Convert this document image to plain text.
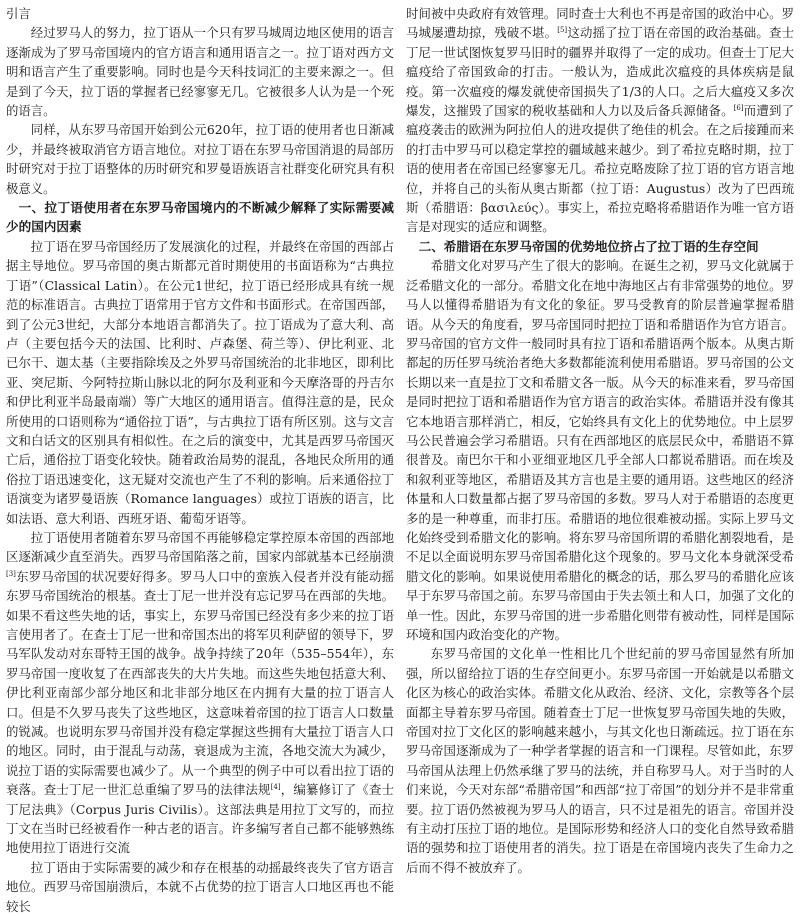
引言

经过罗马人的努力，拉丁语从一个只有罗马城周边地区使用的语言逐渐成为了罗马帝国境内的官方语言和通用语言之一。拉丁语对西方文明和语言产生了重要影响。同时也是今天科技词汇的主要来源之一。但是到了今天，拉丁语的掌握者已经寥寥无几。它被很多人认为是一个死的语言。

同样，从东罗马帝国开始到公元620年，拉丁语的使用者也日渐减少，并最终被取消官方语言地位。对拉丁语在东罗马帝国消退的局部历时研究对于拉丁语整体的历时研究和罗曼语族语言社群变化研究具有积极意义。

一、拉丁语使用者在东罗马帝国境内的不断减少解释了实际需要减少的国内因素

拉丁语在罗马帝国经历了发展演化的过程，并最终在帝国的西部占据主导地位。罗马帝国的奥古斯都元首时期使用的书面语称为“古典拉丁语”（Classical Latin）。在公元1世纪，拉丁语已经形成具有统一规范的标准语言。古典拉丁语常用于官方文件和书面形式。在帝国西部，到了公元3世纪，大部分本地语言都消失了。拉丁语成为了意大利、高卢（主要包括今天的法国、比利时、卢森堡、荷兰等）、伊比利亚、北已尔干、迦太基（主要指除埃及之外罗马帝国统治的北非地区，即利比亚、突尼斯、今阿特拉斯山脉以北的阿尔及利亚和今天摩洛哥的丹吉尔和伊比利亚半岛最南端）等广大地区的通用语言。值得注意的是，民众所使用的口语则称为“通俗拉丁语”，与古典拉丁语有所区别。这与文言文和白话文的区别具有相似性。在之后的演变中，尤其是西罗马帝国灭亡后，通俗拉丁语变化较快。随着政治局势的混乱，各地民众所用的通俗拉丁语迅速变化，这无疑对交流也产生了不利的影响。后来通俗拉丁语演变为诸罗曼语族（Romance languages）或拉丁语族的语言，比如法语、意大利语、西班牙语、葡萄牙语等。

拉丁语使用者随着东罗马帝国不再能够稳定掌控原本帝国的西部地区逐渐减少直至消失。西罗马帝国陷落之前，国家内部就基本已经崩溃[3]东罗马帝国的状况要好得多。罗马人口中的蛮族入侵者并没有能动摇东罗马帝国统治的根基。查士丁尼一世并没有忘记罗马在西部的失地。如果不看这些失地的话，事实上，东罗马帝国已经没有多少来的拉丁语言使用者了。在查士丁尼一世和帝国杰出的将军贝利萨留的领导下，罗马军队发动对东哥特王国的战争。战争持续了20年（535–554年），东罗马帝国一度收复了在西部丧失的大片失地。而这些失地包括意大利、伊比利亚南部少部分地区和北非部分地区在内拥有大量的拉丁语言人口。但是不久罗马丧失了这些地区，这意味着帝国的拉丁语言人口数量的锐减。也说明东罗马帝国并没有稳定掌握这些拥有大量拉丁语言人口的地区。同时，由于混乱与动荡，衰退成为主流，各地交流大为减少，说拉丁语的实际需要也减少了。从一个典型的例子中可以看出拉丁语的衰落。查士丁尼一世汇总重编了罗马的法律法规[4]，编纂修订了《查士丁尼法典》（Corpus Juris Civilis）。这部法典是用拉丁文写的，而拉丁文在当时已经被看作一种古老的语言。许多编写者自己都不能够熟练地使用拉丁语进行交流

拉丁语由于实际需要的减少和存在根基的动摇最终丧失了官方语言地位。西罗马帝国崩溃后，本就不占优势的拉丁语言人口地区再也不能较长

时间被中央政府有效管理。同时查士大利也不再是帝国的政治中心。罗马城屡遭劫掠，残破不堪。[5]这动摇了拉丁语在帝国的政治基础。查士丁尼一世试图恢复罗马旧时的疆界并取得了一定的成功。但查士丁尼大瘟疫给了帝国致命的打击。一般认为，造成此次瘟疫的具体疾病是鼠疫。第一次瘟疫的爆发就使帝国损失了1/3的人口。之后大瘟疫又多次爆发，这摧毁了国家的税收基础和人力以及后备兵源储备。[6]而遭到了瘟疫袭击的欧洲为阿拉伯人的进攻提供了绝佳的机会。在之后接踵而来的打击中罗马可以稳定掌控的疆域越来越少。到了希拉克略时期，拉丁语的使用者在帝国已经寥寥无几。希拉克略废除了拉丁语的官方语言地位，并将自己的头衔从奥古斯都（拉丁语：Augustus）改为了巴西琉斯（希腊语：βασιλεύς）。事实上，希拉克略将希腊语作为唯一官方语言是对现实的适应和调整。

二、希腊语在东罗马帝国的优势地位挤占了拉丁语的生存空间

希腊文化对罗马产生了很大的影响。在诞生之初，罗马文化就属于泛希腊文化的一部分。希腊文化在地中海地区占有非常强势的地位。罗马人以懂得希腊语为有文化的象征。罗马受教育的阶层普遍掌握希腊语。从今天的角度看，罗马帝国同时把拉丁语和希腊语作为官方语言。罗马帝国的官方文件一般同时具有拉丁语和希腊语两个版本。从奥古斯都起的历任罗马统治者绝大多数都能流利使用希腊语。罗马帝国的公文长期以来一直是拉丁文和希腊文各一版。从今天的标准来看，罗马帝国是同时把拉丁语和希腊语作为官方语言的政治实体。希腊语并没有像其它本地语言那样消亡，相反，它始终具有文化上的优势地位。中上层罗马公民普遍会学习希腊语。只有在西部地区的底层民众中，希腊语不算很普及。南巴尔干和小亚细亚地区几乎全部人口都说希腊语。而在埃及和叙利亚等地区，希腊语及其方言也是主要的通用语。这些地区的经济体量和人口数量都占据了罗马帝国的多数。罗马人对于希腊语的态度更多的是一种尊重，而非打压。希腊语的地位很难被动摇。实际上罗马文化始终受到希腊文化的影响。将东罗马帝国所谓的希腊化割裂地看，是不足以全面说明东罗马帝国希腊化这个现象的。罗马文化本身就深受希腊文化的影响。如果说使用希腊化的概念的话，那么罗马的希腊化应该早于东罗马帝国之前。东罗马帝国由于失去领土和人口，加强了文化的单一性。因此，东罗马帝国的进一步希腊化则带有被动性，同样是国际环境和国内政治变化的产物。

东罗马帝国的文化单一性相比几个世纪前的罗马帝国显然有所加强，所以留给拉丁语的生存空间更小。东罗马帝国一开始就是以希腊文化区为核心的政治实体。希腊文化从政治、经济、文化，宗教等各个层面都主导着东罗马帝国。随着查士丁尼一世恢复罗马帝国失地的失败，帝国对拉丁文化区的影响越来越小，与其文化也日渐疏远。拉丁语在东罗马帝国逐渐成为了一种学者掌握的语言和一门课程。尽管如此，东罗马帝国从法理上仍然承继了罗马的法统，并自称罗马人。对于当时的人们来说，今天对东部“希腊帝国”和西部“拉丁帝国”的划分并不是非常重要。拉丁语仍然被视为罗马人的语言，只不过是祖先的语言。帝国并没有主动打压拉丁语的地位。是国际形势和经济人口的变化自然导致希腊语的强势和拉丁语使用者的消失。拉丁语是在帝国境内丧失了生命力之后而不得不被放弃了。
